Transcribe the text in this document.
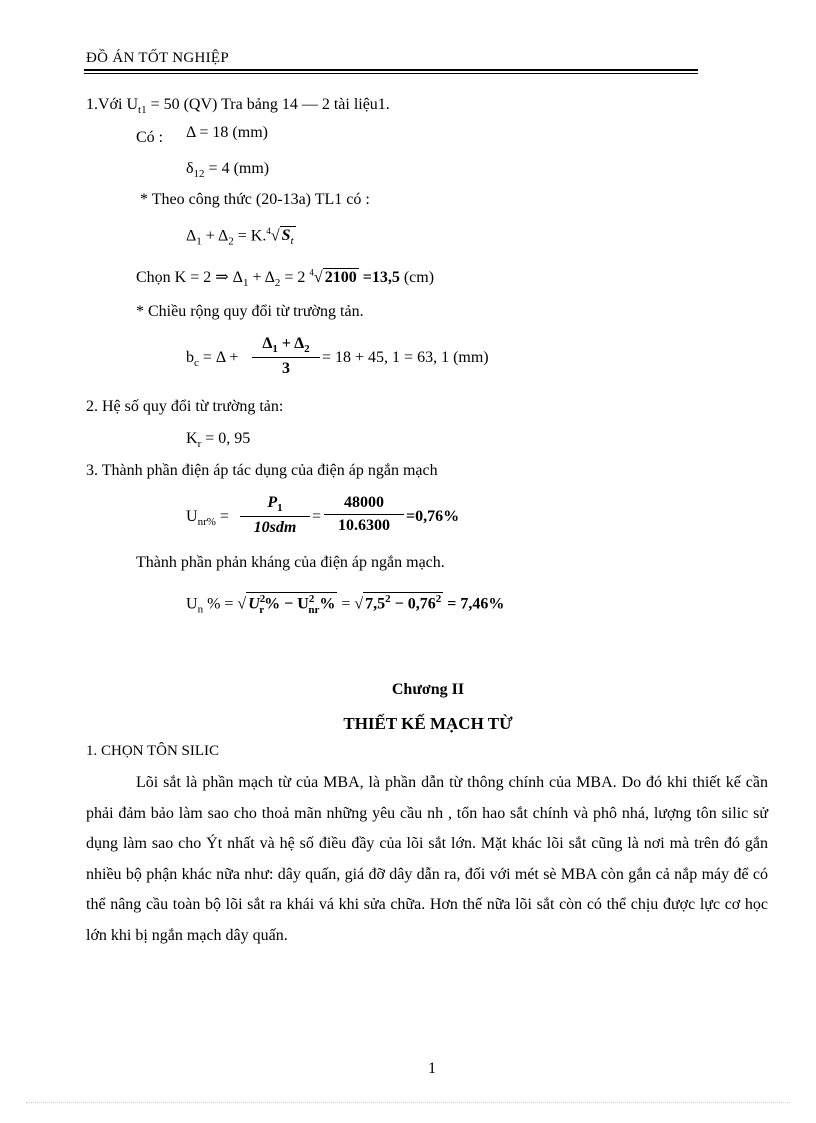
ĐỒ ÁN TỐT NGHIỆP
1.Với $U_{t1} = 50$ (QV) Tra bảng 14 — 2 tài liệu1.
Có : Δ = 18 (mm)
$\delta_{12} = 4$ (mm)
* Theo công thức (20-13a) TL1 có :
$\Delta_1 + \Delta_2 = K.^4√$ $S_t$
Chọn K = 2 ⇒ $\Delta_1 + \Delta_2 = 2$ $^4$√ 2100 =13,5 (cm)
* Chiều rộng quy đổi từ trường tản.
$b_c = \Delta$ +
$\Delta_1 + \Delta_2$
3
= 18 + 45, 1 = 63, 1 (mm)
2. Hệ số quy đổi từ trường tản:
$K_r = 0$, 95
3. Thành phần điện áp tác dụng của điện áp ngắn mạch
$U_{nr\%}$ =
$P_1$
10sdm
=
48000
10.6300
=0,76%
Thành phần phản kháng của điện áp ngắn mạch.
$U_n$ % = √ $U^2_r\% - U^2_{nr}\%$ = √ $7,5^2 - 0,76^2 = 7,46\%$
Chương II
THIẾT KẾ MẠCH TỪ
1. CHỌN TÔN SILIC
Lõi sắt là phần mạch từ của MBA, là phần dẫn từ thông chính của MBA. Do đó khi thiết kế cần phải đảm bảo làm sao cho thoả mãn những yêu cầu nh , tổn hao sắt chính và phô nhá, lượng tôn silic sử dụng làm sao cho Ýt nhất và hệ số điều đầy của lõi sắt lớn. Mặt khác lõi sắt cũng là nơi mà trên đó gắn nhiều bộ phận khác nữa như: dây quấn, giá đỡ dây dẫn ra, đối với mét sè MBA còn gắn cả nắp máy để có thể nâng cầu toàn bộ lõi sắt ra khái vá khi sửa chữa. Hơn thế nữa lõi sắt còn có thể chịu được lực cơ học lớn khi bị ngắn mạch dây quấn.
1
